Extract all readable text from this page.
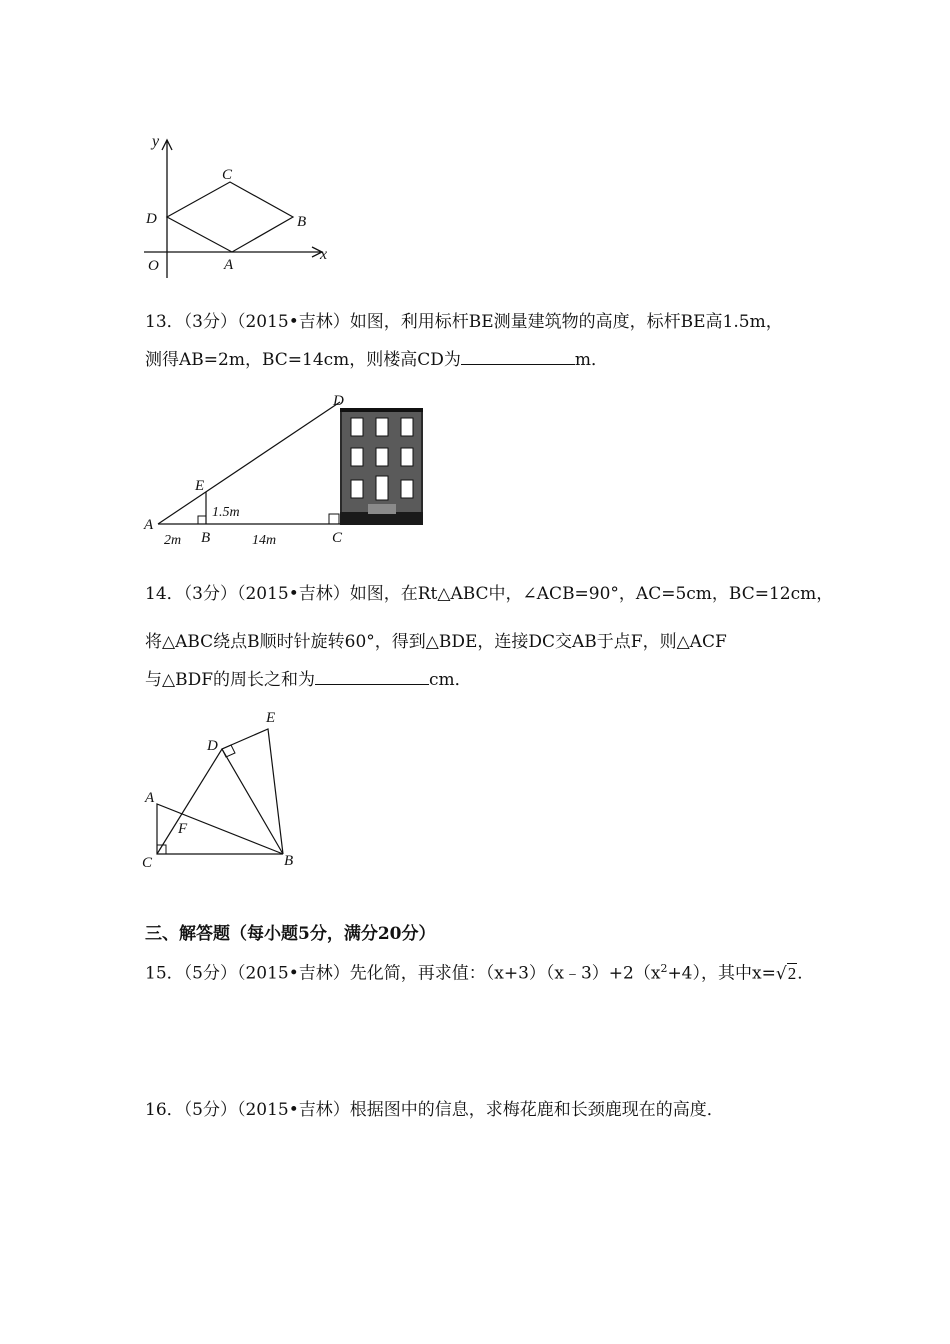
y
x
O	A
B
C
D
13．（3分）（2015•吉林）如图，利用标杆BE测量建筑物的高度，标杆BE高1.5m，
测得AB=2m，BC=14cm，则楼高CD为	m．
A
B	C
D
E
1.5m
2m	14m
14．（3分）（2015•吉林）如图，在Rt△ABC中，∠ACB=90°，AC=5cm，BC=12cm，
将△ABC绕点B顺时针旋转60°，得到△BDE，连接DC交AB于点F，则△ACF
与△BDF的周长之和为	cm．
A
B
C
D
E
F
三、解答题（每小题5分，满分20分）
15．（5分）（2015•吉林）先化简，再求值：$(x+3)(x﹣3)+2(x^2+4)$，其中x=√2．
16．（5分）（2015•吉林）根据图中的信息，求梅花鹿和长颈鹿现在的高度．
